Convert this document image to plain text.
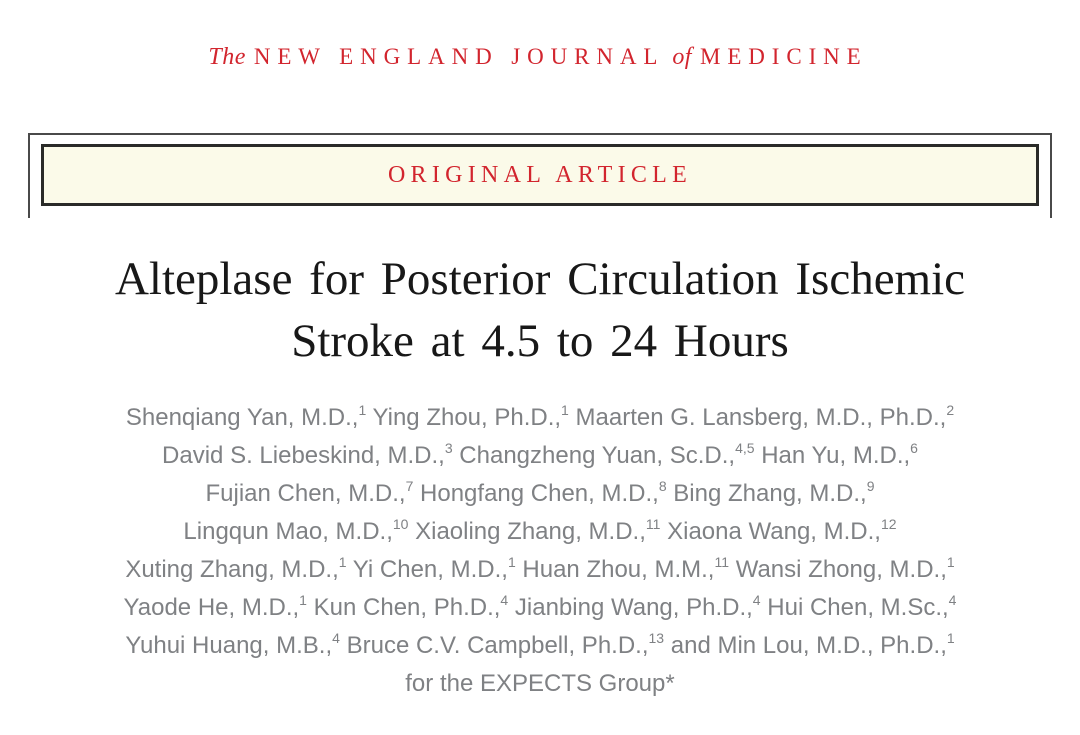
The NEW ENGLAND JOURNAL of MEDICINE
ORIGINAL ARTICLE
Alteplase for Posterior Circulation Ischemic
Stroke at 4.5 to 24 Hours
Shenqiang Yan, M.D.,$^1$ Ying Zhou, Ph.D.,$^1$ Maarten G. Lansberg, M.D., Ph.D.,$^2$
David S. Liebeskind, M.D.,$^3$ Changzheng Yuan, Sc.D.,$^{4,5}$ Han Yu, M.D.,$^6$
Fujian Chen, M.D.,$^7$ Hongfang Chen, M.D.,$^8$ Bing Zhang, M.D.,$^9$
Lingqun Mao, M.D.,$^{10}$ Xiaoling Zhang, M.D.,$^{11}$ Xiaona Wang, M.D.,$^{12}$
Xuting Zhang, M.D.,$^1$ Yi Chen, M.D.,$^1$ Huan Zhou, M.M.,$^{11}$ Wansi Zhong, M.D.,$^1$
Yaode He, M.D.,$^1$ Kun Chen, Ph.D.,$^4$ Jianbing Wang, Ph.D.,$^4$ Hui Chen, M.Sc.,$^4$
Yuhui Huang, M.B.,$^4$ Bruce C.V. Campbell, Ph.D.,$^{13}$ and Min Lou, M.D., Ph.D.,$^1$
for the EXPECTS Group*
